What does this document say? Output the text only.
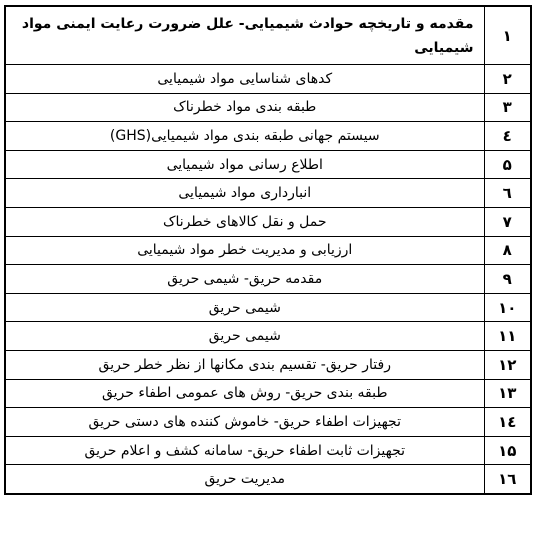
۱	مقدمه و تاریخچه حوادث شیمیایی- علل ضرورت رعایت ایمنی مواد شیمیایی
۲	کدهای شناسایی مواد شیمیایی
۳	طبقه بندی مواد خطرناک
٤	سیستم جهانی طبقه بندی مواد شیمیایی(GHS)
۵	اطلاع رسانی مواد شیمیایی
٦	انبارداری مواد شیمیایی
۷	حمل و نقل کالاهای خطرناک
۸	ارزیابی و مدیریت خطر مواد شیمیایی
۹	مقدمه حریق- شیمی حریق
۱۰	شیمی حریق
۱۱	شیمی حریق
۱۲	رفتار حریق- تقسیم بندی مکانها از نظر خطر حریق
۱۳	طبقه بندی حریق- روش های عمومی اطفاء حریق
١٤	تجهیزات اطفاء حریق- خاموش کننده های دستی حریق
۱۵	تجهیزات ثابت اطفاء حریق- سامانه کشف و اعلام حریق
۱٦	مدیریت حریق
